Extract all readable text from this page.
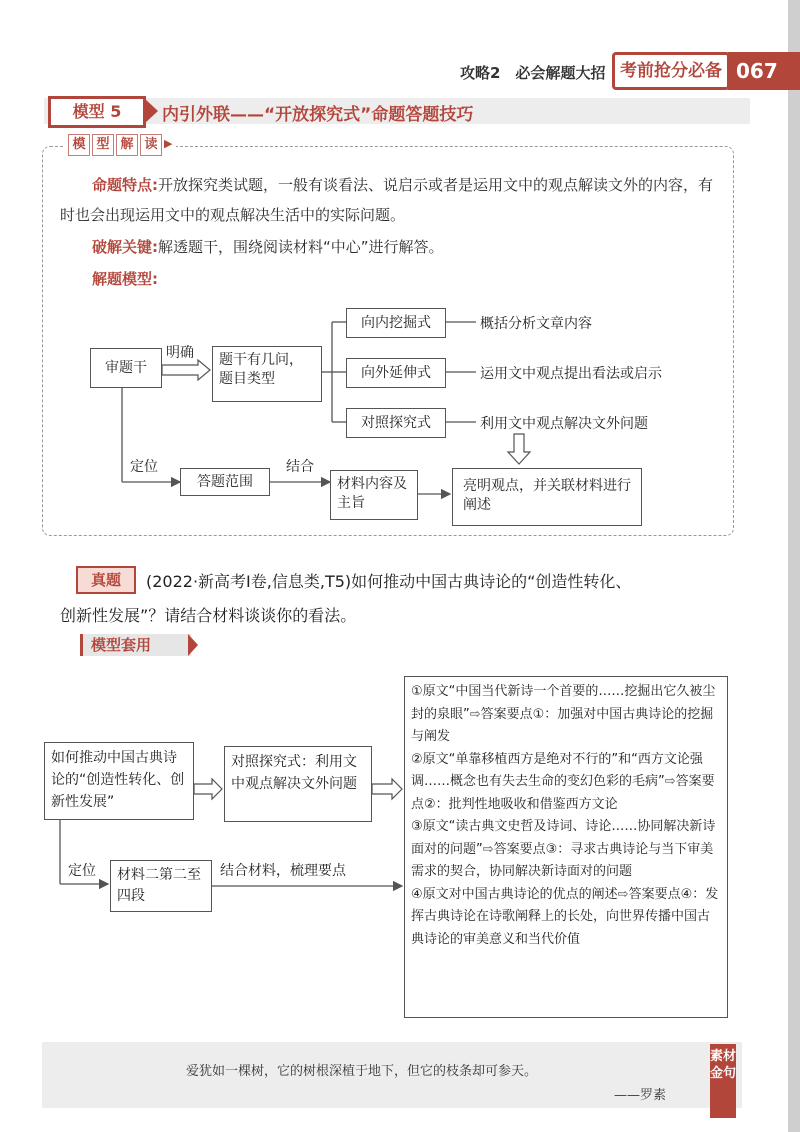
攻略2　必会解题大招 考前抢分必备 067
模型 5	内引外联——“开放探究式”命题答题技巧
模 型 解 读 ▶
命题特点:开放探究类试题，一般有谈看法、说启示或者是运用文中的观点解读文外的内容，有时也会出现运用文中的观点解决生活中的实际问题。
破解关键:解透题干，围绕阅读材料“中心”进行解答。
解题模型:
审题干
明确	题干有几问，题目类型
向内挖掘式	概括分析文章内容
向外延伸式	运用文中观点提出看法或启示
对照探究式	利用文中观点解决文外问题
定位
答题范围
结合
材料内容及主旨
亮明观点，并关联材料进行阐述
真题	(2022·新高考Ⅰ卷,信息类,T5)如何推动中国古典诗论的“创造性转化、
创新性发展”？请结合材料谈谈你的看法。
模型套用
如何推动中国古典诗论的“创造性转化、创新性发展”
对照探究式：利用文中观点解决文外问题
定位	材料二第二至四段
结合材料，梳理要点
①原文“中国当代新诗一个首要的……挖掘出它久被尘封的泉眼”⇨答案要点①：加强对中国古典诗论的挖掘与阐发
②原文“单靠移植西方是绝对不行的”和“西方文论强调……概念也有失去生命的变幻色彩的毛病”⇨答案要点②：批判性地吸收和借鉴西方文论
③原文“读古典文史哲及诗词、诗论……协同解决新诗面对的问题”⇨答案要点③：寻求古典诗论与当下审美需求的契合，协同解决新诗面对的问题
④原文对中国古典诗论的优点的阐述⇨答案要点④：发挥古典诗论在诗歌阐释上的长处，向世界传播中国古典诗论的审美意义和当代价值
爱犹如一棵树，它的树根深植于地下，但它的枝条却可参天。
——罗素
素材金句
